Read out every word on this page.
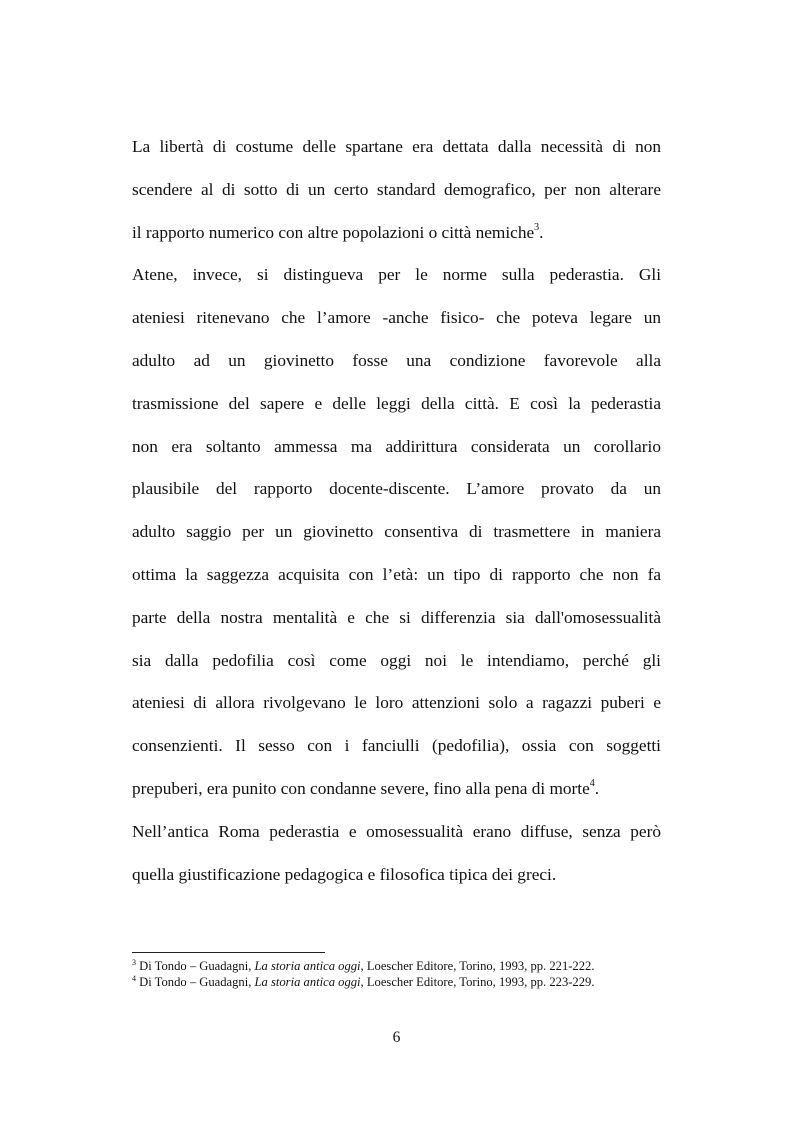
La libertà di costume delle spartane era dettata dalla necessità di non
scendere al di sotto di un certo standard demografico, per non alterare
il rapporto numerico con altre popolazioni o città nemiche$^3$.
Atene, invece, si distingueva per le norme sulla pederastia. Gli
ateniesi ritenevano che l’amore -anche fisico- che poteva legare un
adulto ad un giovinetto fosse una condizione favorevole alla
trasmissione del sapere e delle leggi della città. E così la pederastia
non era soltanto ammessa ma addirittura considerata un corollario
plausibile del rapporto docente-discente. L’amore provato da un
adulto saggio per un giovinetto consentiva di trasmettere in maniera
ottima la saggezza acquisita con l’età: un tipo di rapporto che non fa
parte della nostra mentalità e che si differenzia sia dall'omosessualità
sia dalla pedofilia così come oggi noi le intendiamo, perché gli
ateniesi di allora rivolgevano le loro attenzioni solo a ragazzi puberi e
consenzienti. Il sesso con i fanciulli (pedofilia), ossia con soggetti
prepuberi, era punito con condanne severe, fino alla pena di morte$^4$.
Nell’antica Roma pederastia e omosessualità erano diffuse, senza però
quella giustificazione pedagogica e filosofica tipica dei greci.
$^3$ Di Tondo – Guadagni, La storia antica oggi, Loescher Editore, Torino, 1993, pp. 221-222.
$^4$ Di Tondo – Guadagni, La storia antica oggi, Loescher Editore, Torino, 1993, pp. 223-229.
6
